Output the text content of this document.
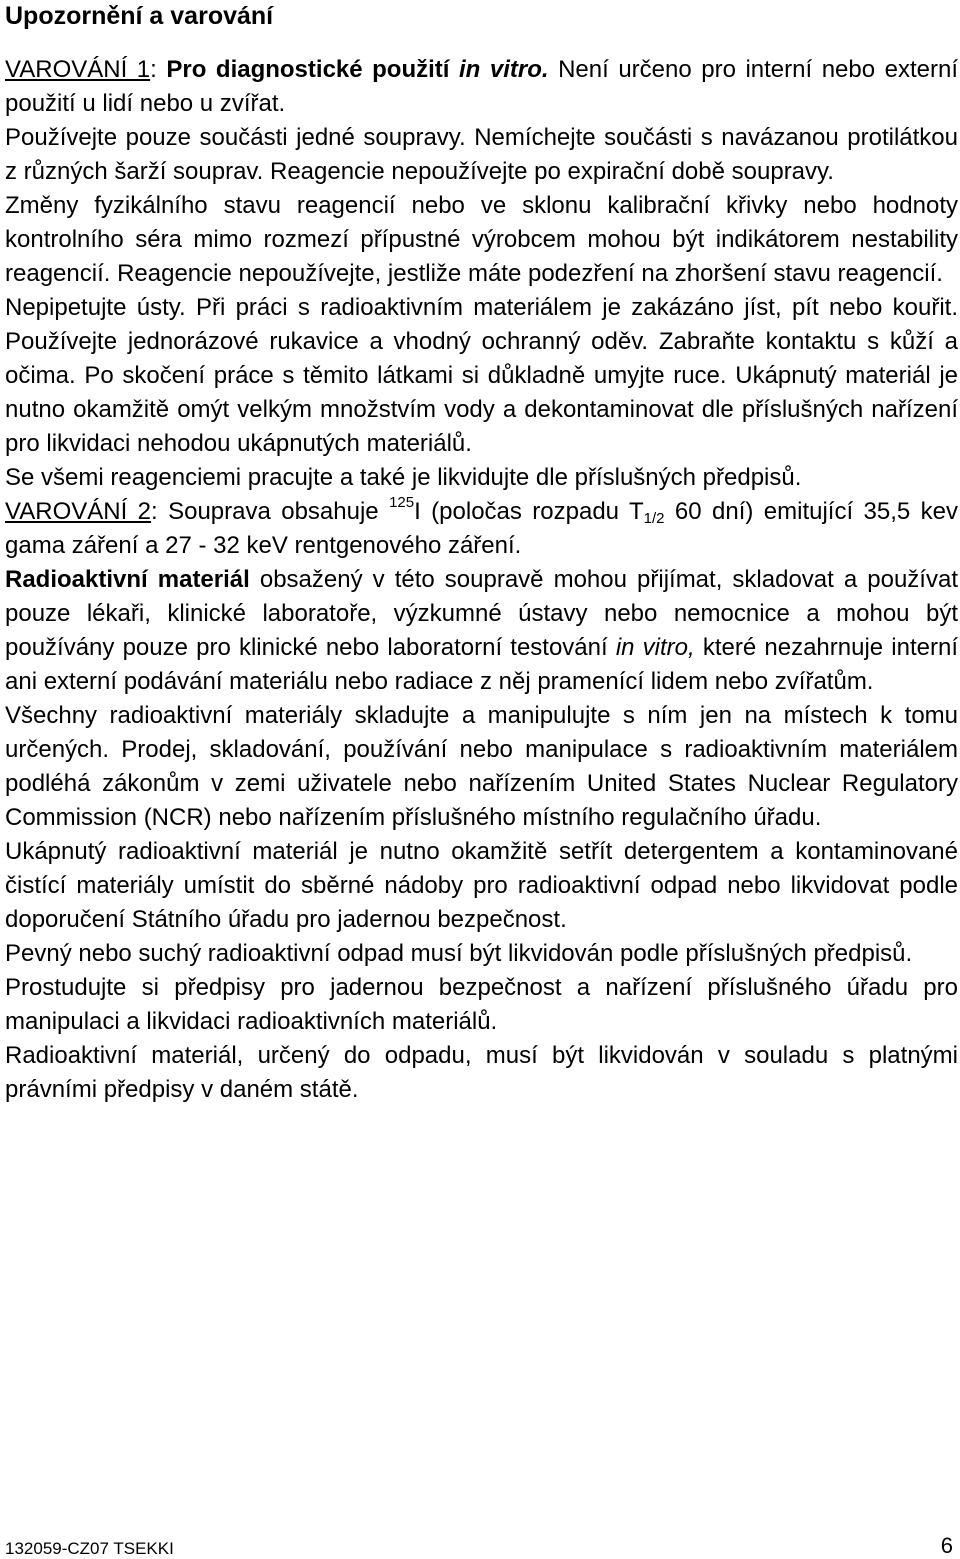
Upozornění a varování

VAROVÁNÍ 1: Pro diagnostické použití in vitro. Není určeno pro interní nebo externí použití u lidí nebo u zvířat.

Používejte pouze součásti jedné soupravy. Nemíchejte součásti s navázanou protilátkou z různých šarží souprav. Reagencie nepoužívejte po expirační době soupravy.

Změny fyzikálního stavu reagencií nebo ve sklonu kalibrační křivky nebo hodnoty kontrolního séra mimo rozmezí přípustné výrobcem mohou být indikátorem nestability reagencií. Reagencie nepoužívejte, jestliže máte podezření na zhoršení stavu reagencií.

Nepipetujte ústy. Při práci s radioaktivním materiálem je zakázáno jíst, pít nebo kouřit. Používejte jednorázové rukavice a vhodný ochranný oděv. Zabraňte kontaktu s kůží a očima. Po skočení práce s těmito látkami si důkladně umyjte ruce. Ukápnutý materiál je nutno okamžitě omýt velkým množstvím vody a dekontaminovat dle příslušných nařízení pro likvidaci nehodou ukápnutých materiálů.

Se všemi reagenciemi pracujte a také je likvidujte dle příslušných předpisů.

VAROVÁNÍ 2: Souprava obsahuje $^{125}$I (poločas rozpadu $T_{1/2}$ 60 dní) emitující 35,5 kev gama záření a 27 - 32 keV rentgenového záření.

Radioaktivní materiál obsažený v této soupravě mohou přijímat, skladovat a používat pouze lékaři, klinické laboratoře, výzkumné ústavy nebo nemocnice a mohou být používány pouze pro klinické nebo laboratorní testování in vitro, které nezahrnuje interní ani externí podávání materiálu nebo radiace z něj pramenící lidem nebo zvířatům.

Všechny radioaktivní materiály skladujte a manipulujte s ním jen na místech k tomu určených. Prodej, skladování, používání nebo manipulace s radioaktivním materiálem podléhá zákonům v zemi uživatele nebo nařízením United States Nuclear Regulatory Commission (NCR) nebo nařízením příslušného místního regulačního úřadu.

Ukápnutý radioaktivní materiál je nutno okamžitě setřít detergentem a kontaminované čistící materiály umístit do sběrné nádoby pro radioaktivní odpad nebo likvidovat podle doporučení Státního úřadu pro jadernou bezpečnost.

Pevný nebo suchý radioaktivní odpad musí být likvidován podle příslušných předpisů.

Prostudujte si předpisy pro jadernou bezpečnost a nařízení příslušného úřadu pro manipulaci a likvidaci radioaktivních materiálů.

Radioaktivní materiál, určený do odpadu, musí být likvidován v souladu s platnými právními předpisy v daném státě.

132059-CZ07 TSEKKI	6
